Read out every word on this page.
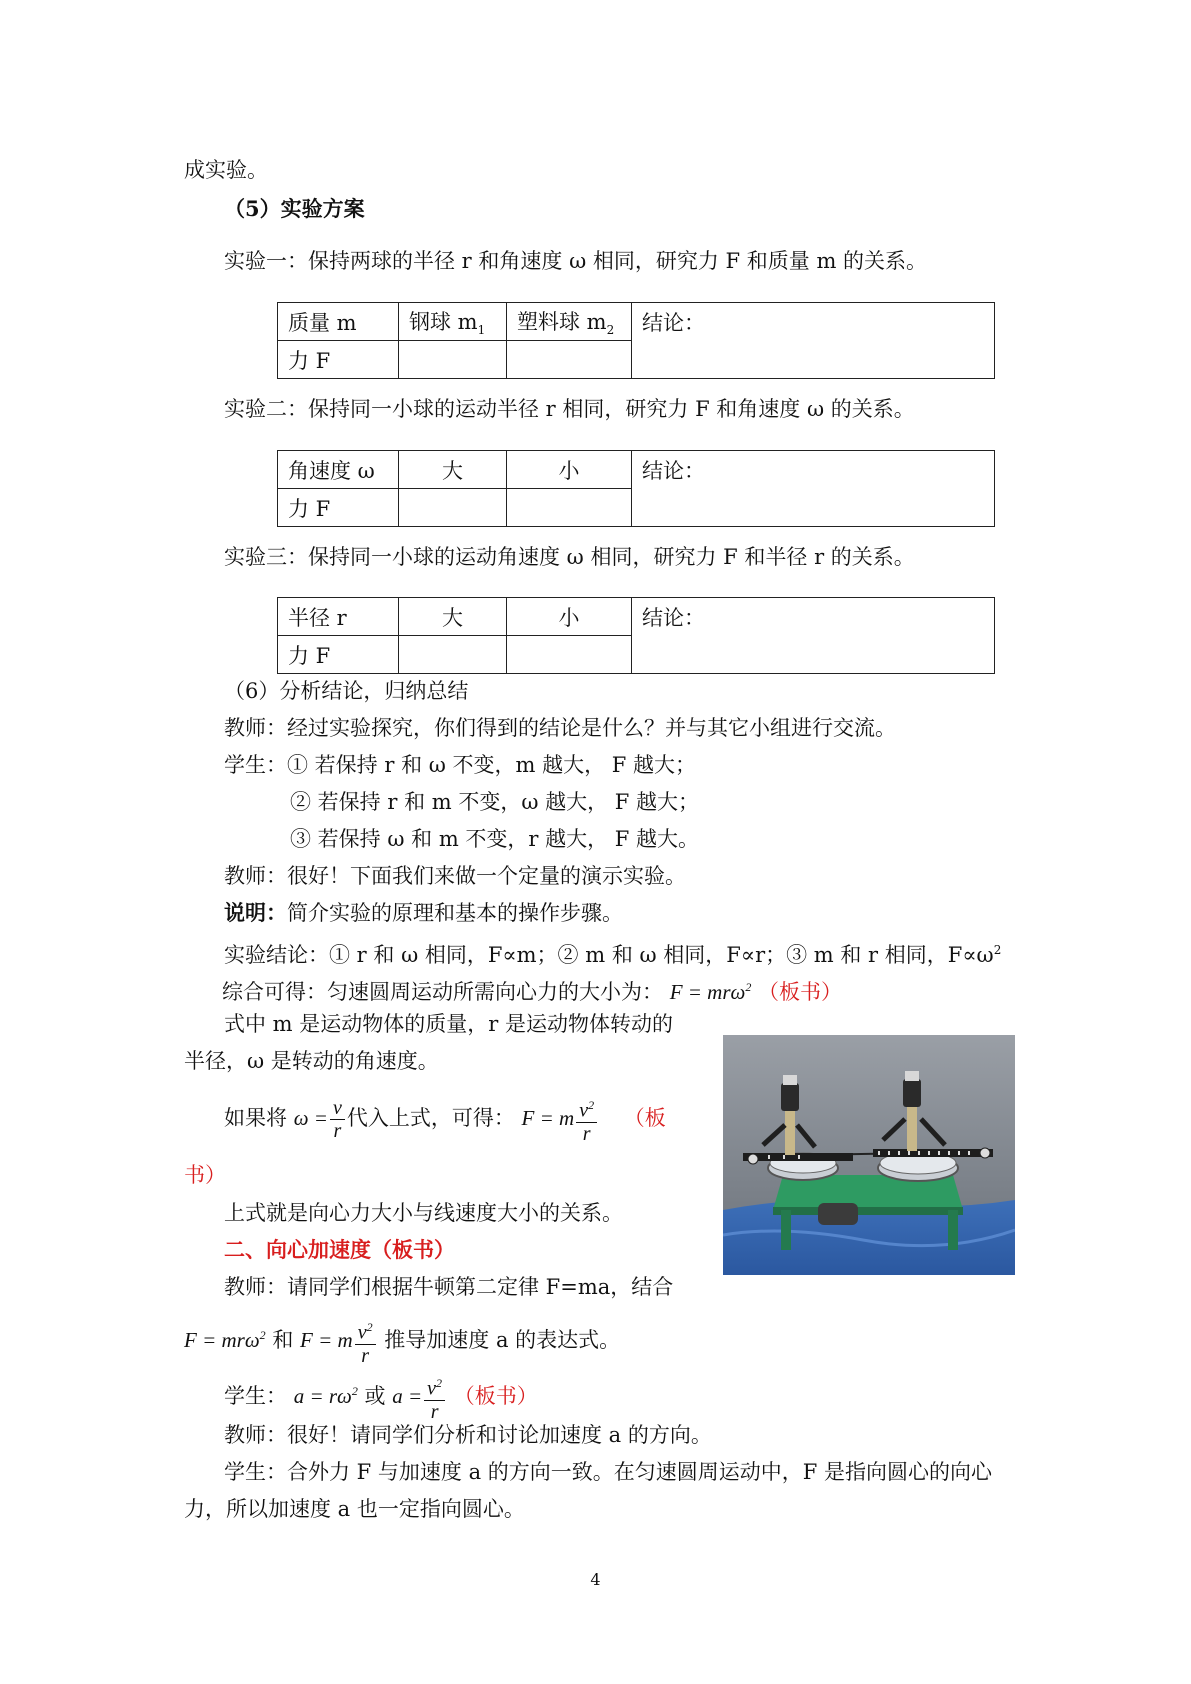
成实验。
（5）实验方案
实验一：保持两球的半径 r 和角速度 ω 相同，研究力 F 和质量 m 的关系。
质量 m	钢球 $m_1$	塑料球 $m_2$	结论：
力 F			
实验二：保持同一小球的运动半径 r 相同，研究力 F 和角速度 ω 的关系。
角速度 ω	大	小	结论：
力 F			
实验三：保持同一小球的运动角速度 ω 相同，研究力 F 和半径 r 的关系。
半径 r	大	小	结论：
力 F			
（6）分析结论，归纳总结
教师：经过实验探究，你们得到的结论是什么？并与其它小组进行交流。
学生：① 若保持 r 和 ω 不变，m 越大， F 越大；
② 若保持 r 和 m 不变，ω 越大， F 越大；
③ 若保持 ω 和 m 不变，r 越大， F 越大。
教师：很好！下面我们来做一个定量的演示实验。
说明：简介实验的原理和基本的操作步骤。
实验结论：① r 和 ω 相同，F∝m；② m 和 ω 相同，F∝r；③ m 和 r 相同，$F\propto\omega^2$
综合可得：匀速圆周运动所需向心力的大小为： F = mrω$^2$ （板书）
式中 m 是运动物体的质量，r 是运动物体转动的
半径，ω 是转动的角速度。
如果将 $\omega = \frac{v}{r}$ 代入上式，可得： F = m $\frac{v^2}{r}$ （板
书）
上式就是向心力大小与线速度大小的关系。
二、向心加速度（板书）
教师：请同学们根据牛顿第二定律 F=ma，结合
F = mrω$^2$ 和 F = m $\frac{v^2}{r}$ 推导加速度 a 的表达式。
学生： $a = r\omega^2$ 或 $a = \frac{v^2}{r}$ （板书）
教师：很好！请同学们分析和讨论加速度 a 的方向。
学生：合外力 F 与加速度 a 的方向一致。在匀速圆周运动中，F 是指向圆心的向心
力，所以加速度 a 也一定指向圆心。
4
